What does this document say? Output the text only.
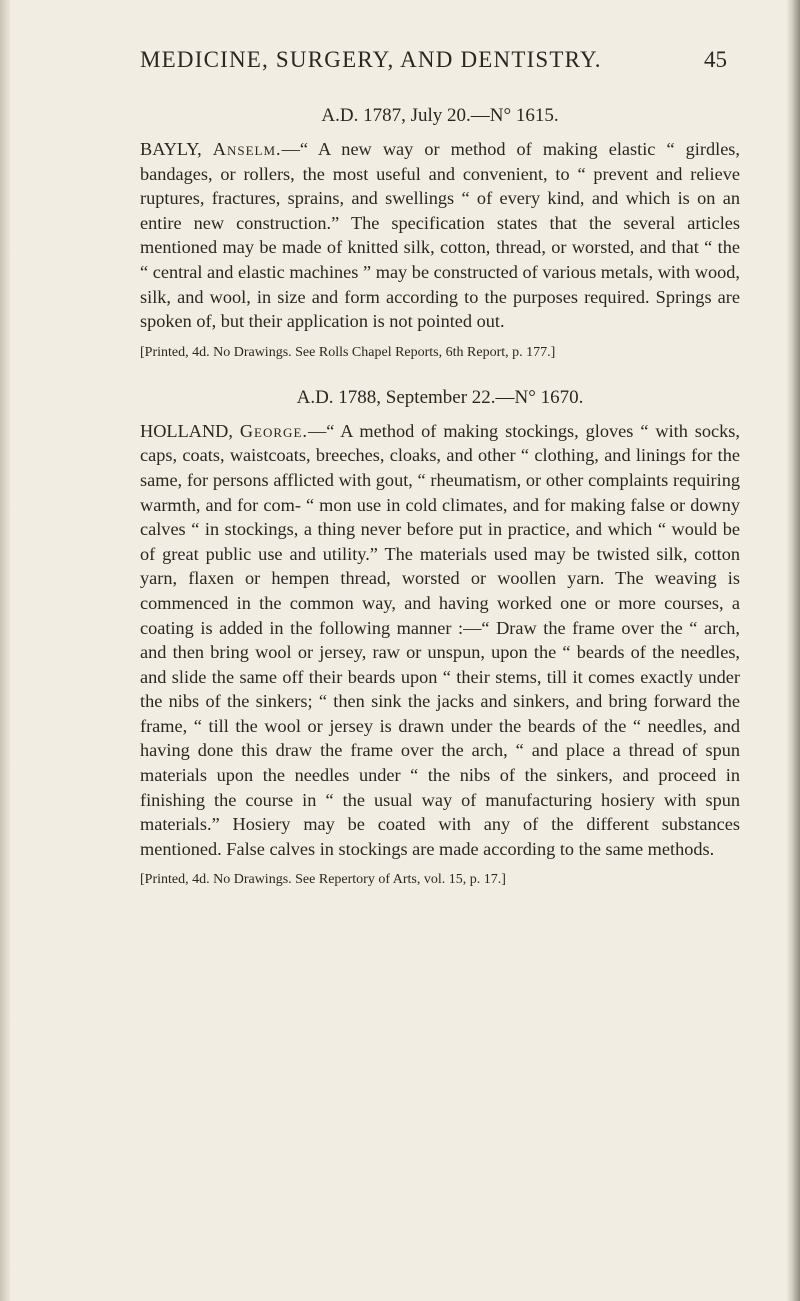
MEDICINE, SURGERY, AND DENTISTRY.	45

A.D. 1787, July 20.—N° 1615.

BAYLY, Anselm.—“ A new way or method of making elastic “ girdles, bandages, or rollers, the most useful and convenient, to “ prevent and relieve ruptures, fractures, sprains, and swellings “ of every kind, and which is on an entire new construction.” The specification states that the several articles mentioned may be made of knitted silk, cotton, thread, or worsted, and that “ the “ central and elastic machines ” may be constructed of various metals, with wood, silk, and wool, in size and form according to the purposes required. Springs are spoken of, but their application is not pointed out.

[Printed, 4d. No Drawings. See Rolls Chapel Reports, 6th Report, p. 177.]

A.D. 1788, September 22.—N° 1670.

HOLLAND, George.—“ A method of making stockings, gloves “ with socks, caps, coats, waistcoats, breeches, cloaks, and other “ clothing, and linings for the same, for persons afflicted with gout, “ rheumatism, or other complaints requiring warmth, and for com- “ mon use in cold climates, and for making false or downy calves “ in stockings, a thing never before put in practice, and which “ would be of great public use and utility.” The materials used may be twisted silk, cotton yarn, flaxen or hempen thread, worsted or woollen yarn. The weaving is commenced in the common way, and having worked one or more courses, a coating is added in the following manner :—“ Draw the frame over the “ arch, and then bring wool or jersey, raw or unspun, upon the “ beards of the needles, and slide the same off their beards upon “ their stems, till it comes exactly under the nibs of the sinkers; “ then sink the jacks and sinkers, and bring forward the frame, “ till the wool or jersey is drawn under the beards of the “ needles, and having done this draw the frame over the arch, “ and place a thread of spun materials upon the needles under “ the nibs of the sinkers, and proceed in finishing the course in “ the usual way of manufacturing hosiery with spun materials.” Hosiery may be coated with any of the different substances mentioned. False calves in stockings are made according to the same methods.

[Printed, 4d. No Drawings. See Repertory of Arts, vol. 15, p. 17.]
